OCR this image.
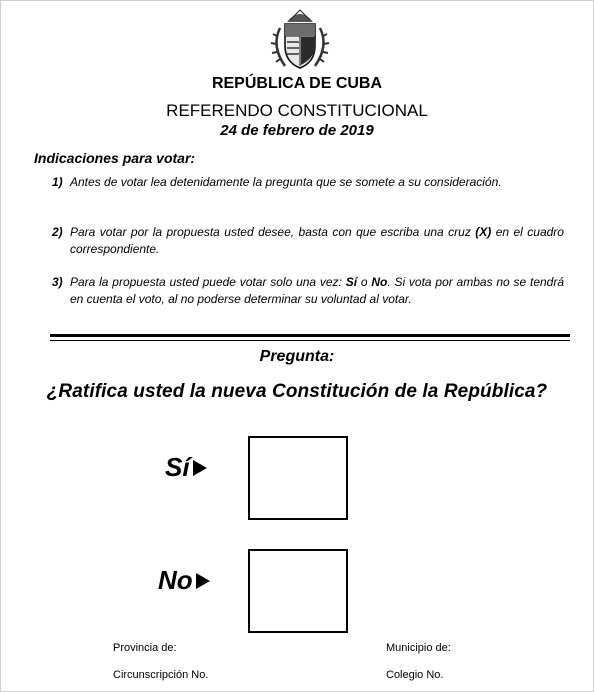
REPÚBLICA DE CUBA
REFERENDO CONSTITUCIONAL
24 de febrero de 2019
Indicaciones para votar:
1) Antes de votar lea detenidamente la pregunta que se somete a su consideración.
2) Para votar por la propuesta usted desee, basta con que escriba una cruz (X) en el cuadro correspondiente.
3) Para la propuesta usted puede votar solo una vez: Sí o No. Si vota por ambas no se tendrá en cuenta el voto, al no poderse determinar su voluntad al votar.
Pregunta:
¿Ratifica usted la nueva Constitución de la República?
Sí
No
Provincia de:	Municipio de:
Circunscripción No.	Colegio No.
